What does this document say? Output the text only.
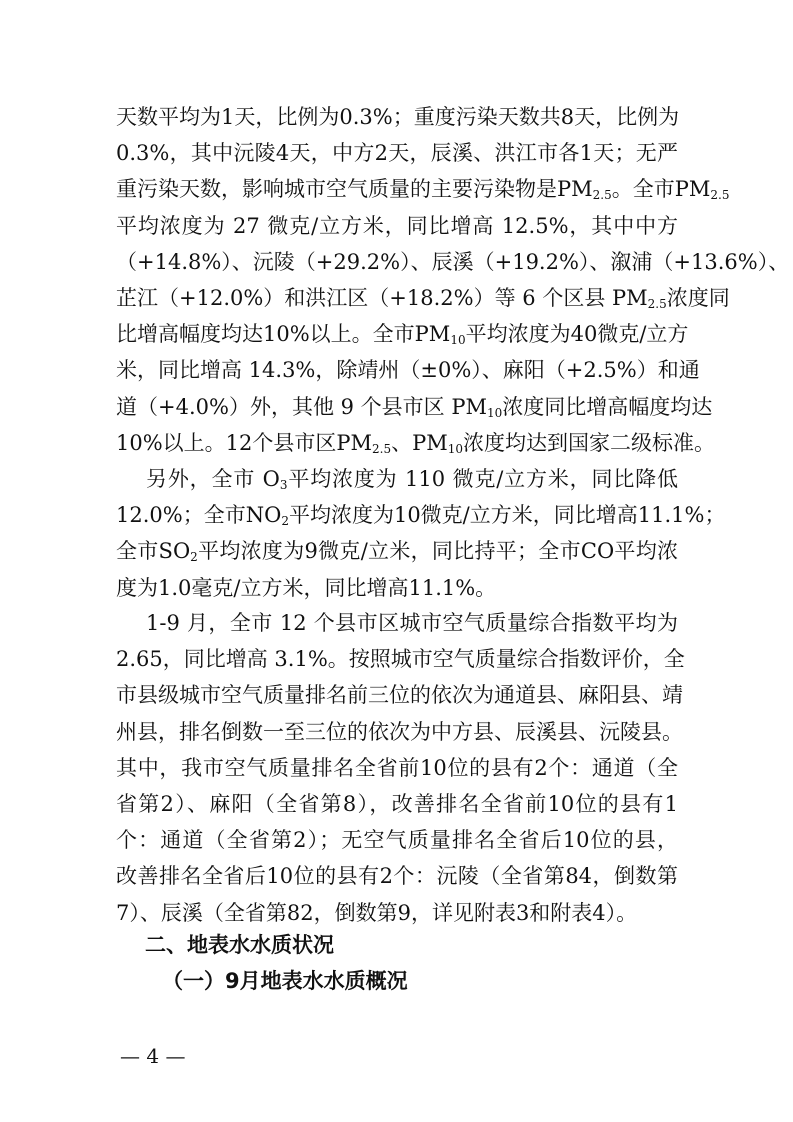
天数平均为1天，比例为0.3%；重度污染天数共8天，比例为
0.3%，其中沅陵4天，中方2天，辰溪、洪江市各1天；无严
重污染天数，影响城市空气质量的主要污染物是$PM_{2.5}$。全市$PM_{2.5}$
平均浓度为 27 微克/立方米，同比增高 12.5%，其中中方
（+14.8%）、沅陵（+29.2%）、辰溪（+19.2%）、溆浦（+13.6%）、
芷江（+12.0%）和洪江区（+18.2%）等 6 个区县 $PM_{2.5}$浓度同
比增高幅度均达10%以上。全市$PM_{10}$平均浓度为40微克/立方
米，同比增高 14.3%，除靖州（±0%）、麻阳（+2.5%）和通
道（+4.0%）外，其他 9 个县市区 $PM_{10}$浓度同比增高幅度均达
10%以上。12个县市区$PM_{2.5}$、$PM_{10}$浓度均达到国家二级标准。
另外，全市 $O_3$平均浓度为 110 微克/立方米，同比降低
12.0%；全市$NO_2$平均浓度为10微克/立方米，同比增高11.1%；
全市$SO_2$平均浓度为9微克/立米，同比持平；全市CO平均浓
度为1.0毫克/立方米，同比增高11.1%。
1-9 月，全市 12 个县市区城市空气质量综合指数平均为
2.65，同比增高 3.1%。按照城市空气质量综合指数评价，全
市县级城市空气质量排名前三位的依次为通道县、麻阳县、靖
州县，排名倒数一至三位的依次为中方县、辰溪县、沅陵县。
其中，我市空气质量排名全省前10位的县有2个：通道（全
省第2）、麻阳（全省第8），改善排名全省前10位的县有1
个：通道（全省第2）；无空气质量排名全省后10位的县，
改善排名全省后10位的县有2个：沅陵（全省第84，倒数第
7）、辰溪（全省第82，倒数第9，详见附表3和附表4）。
二、地表水水质状况
（一）9月地表水水质概况
— 4 —
